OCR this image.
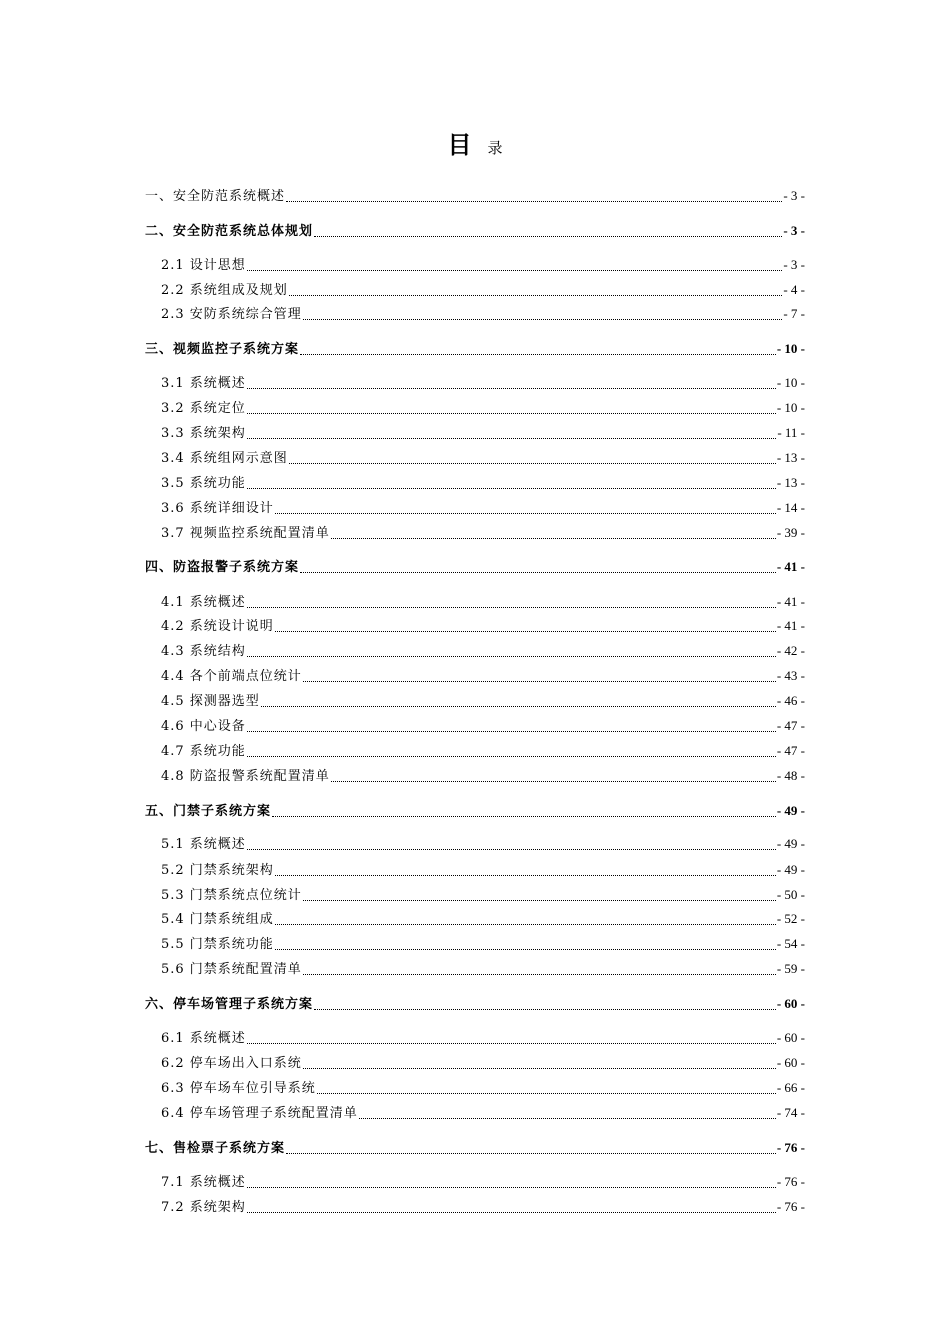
目 录
一、安全防范系统概述	- 3 -
二、安全防范系统总体规划	- 3 -
2.1 设计思想	- 3 -
2.2 系统组成及规划	- 4 -
2.3 安防系统综合管理	- 7 -
三、视频监控子系统方案	- 10 -
3.1 系统概述	- 10 -
3.2 系统定位	- 10 -
3.3 系统架构	- 11 -
3.4 系统组网示意图	- 13 -
3.5 系统功能	- 13 -
3.6 系统详细设计	- 14 -
3.7 视频监控系统配置清单	- 39 -
四、防盗报警子系统方案	- 41 -
4.1 系统概述	- 41 -
4.2 系统设计说明	- 41 -
4.3 系统结构	- 42 -
4.4 各个前端点位统计	- 43 -
4.5 探测器选型	- 46 -
4.6 中心设备	- 47 -
4.7 系统功能	- 47 -
4.8 防盗报警系统配置清单	- 48 -
五、门禁子系统方案	- 49 -
5.1 系统概述	- 49 -
5.2 门禁系统架构	- 49 -
5.3 门禁系统点位统计	- 50 -
5.4 门禁系统组成	- 52 -
5.5 门禁系统功能	- 54 -
5.6 门禁系统配置清单	- 59 -
六、停车场管理子系统方案	- 60 -
6.1 系统概述	- 60 -
6.2 停车场出入口系统	- 60 -
6.3 停车场车位引导系统	- 66 -
6.4 停车场管理子系统配置清单	- 74 -
七、售检票子系统方案	- 76 -
7.1 系统概述	- 76 -
7.2 系统架构	- 76 -
